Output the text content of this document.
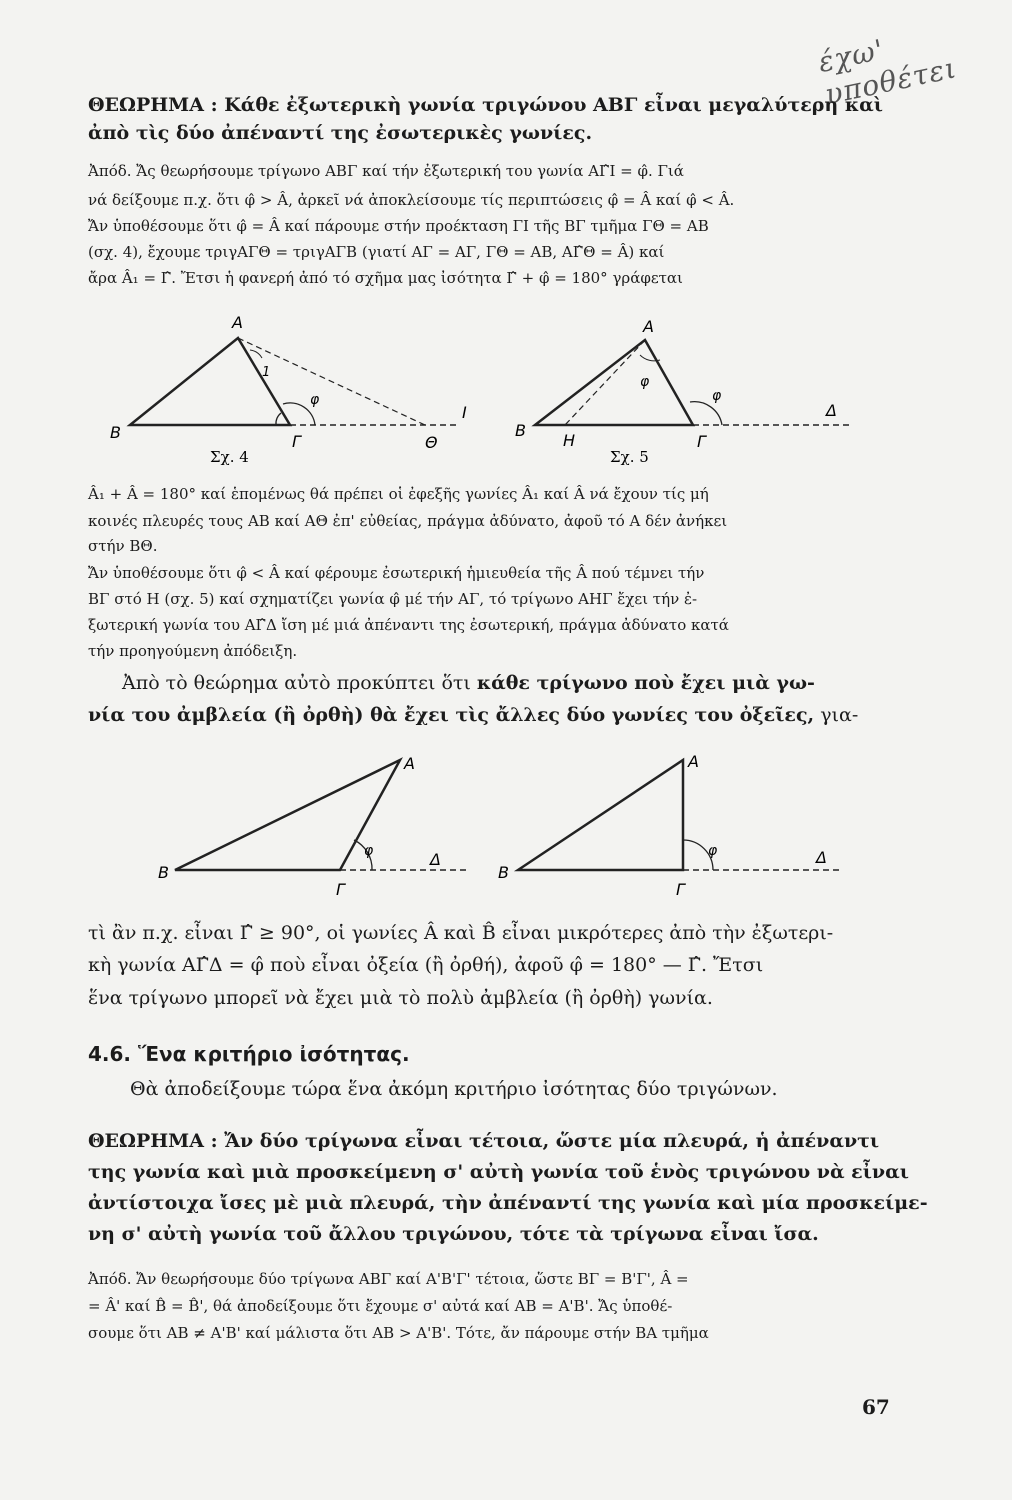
έχω' υποθέτει
ΘΕΩΡΗΜΑ : Κάθε ἐξωτερικὴ γωνία τριγώνου ΑΒΓ εἶναι μεγαλύτερη καὶ
ἀπὸ τὶς δύο ἀπέναντί της ἐσωτερικὲς γωνίες.
Ἀπόδ. Ἄς θεωρήσουμε τρίγωνο ΑΒΓ καί τήν ἐξωτερική του γωνία ΑΓ̂Ι = φ̂. Γιά
νά δείξουμε π.χ. ὅτι φ̂ > Â, ἀρκεῖ νά ἀποκλείσουμε τίς περιπτώσεις φ̂ = Â καί φ̂ < Â.
Ἄν ὑποθέσουμε ὅτι φ̂ = Â καί πάρουμε στήν προέκταση ΓΙ τῆς ΒΓ τμῆμα ΓΘ = ΑΒ
(σχ. 4), ἔχουμε τριγΑΓΘ = τριγΑΓΒ (γιατί ΑΓ = ΑΓ, ΓΘ = ΑΒ, ΑΓ̂Θ = Â) καί
ἄρα Â₁ = Γ̂. Ἔτσι ἡ φανερή ἀπό τό σχῆμα μας ἰσότητα Γ̂ + φ̂ = 180° γράφεται
A
B	Γ	Θ
I
φ
1
Σχ. 4
A
B
Γ
H
Δ
φ
φ
Σχ. 5
Â₁ + Â = 180° καί ἑπομένως θά πρέπει οἱ ἐφεξῆς γωνίες Â₁ καί Â νά ἔχουν τίς μή
κοινές πλευρές τους ΑΒ καί ΑΘ ἐπ' εὐθείας, πράγμα ἀδύνατο, ἀφοῦ τό Α δέν ἀνήκει
στήν ΒΘ.
Ἄν ὑποθέσουμε ὅτι φ̂ < Â καί φέρουμε ἐσωτερική ἡμιευθεία τῆς Â πού τέμνει τήν
ΒΓ στό Η (σχ. 5) καί σχηματίζει γωνία φ̂ μέ τήν ΑΓ, τό τρίγωνο ΑΗΓ ἔχει τήν ἐ-
ξωτερική γωνία του ΑΓ̂Δ ἴση μέ μιά ἀπέναντι της ἐσωτερική, πράγμα ἀδύνατο κατά
τήν προηγούμενη ἀπόδειξη.
Ἀπὸ τὸ θεώρημα αὐτὸ προκύπτει ὅτι κάθε τρίγωνο ποὺ ἔχει μιὰ γω-
νία του ἀμβλεία (ἢ ὀρθὴ) θὰ ἔχει τὶς ἄλλες δύο γωνίες του ὀξεῖες, για-
A
B
Γ
Δ
φ
A
B
Γ
Δ
φ
τὶ ἂν π.χ. εἶναι Γ̂ ≥ 90°, οἱ γωνίες Â καὶ B̂ εἶναι μικρότερες ἀπὸ τὴν ἐξωτερι-
κὴ γωνία ΑΓ̂Δ = φ̂ ποὺ εἶναι ὀξεία (ἢ ὀρθή), ἀφοῦ φ̂ = 180° — Γ̂. Ἔτσι
ἕνα τρίγωνο μπορεῖ νὰ ἔχει μιὰ τὸ πολὺ ἀμβλεία (ἢ ὀρθὴ) γωνία.
4.6. Ἕνα κριτήριο ἰσότητας.
Θὰ ἀποδείξουμε τώρα ἕνα ἀκόμη κριτήριο ἰσότητας δύο τριγώνων.
ΘΕΩΡΗΜΑ : Ἄν δύο τρίγωνα εἶναι τέτοια, ὥστε μία πλευρά, ἡ ἀπέναντι
της γωνία καὶ μιὰ προσκείμενη σ' αὐτὴ γωνία τοῦ ἑνὸς τριγώνου νὰ εἶναι
ἀντίστοιχα ἴσες μὲ μιὰ πλευρά, τὴν ἀπέναντί της γωνία καὶ μία προσκείμε-
νη σ' αὐτὴ γωνία τοῦ ἄλλου τριγώνου, τότε τὰ τρίγωνα εἶναι ἴσα.
Ἀπόδ. Ἄν θεωρήσουμε δύο τρίγωνα ΑΒΓ καί Α'Β'Γ' τέτοια, ὥστε ΒΓ = Β'Γ', Â =
= Â' καί B̂ = B̂', θά ἀποδείξουμε ὅτι ἔχουμε σ' αὐτά καί ΑΒ = Α'Β'. Ἄς ὑποθέ-
σουμε ὅτι ΑΒ ≠ Α'Β' καί μάλιστα ὅτι ΑΒ > Α'Β'. Τότε, ἄν πάρουμε στήν ΒΑ τμῆμα
67
